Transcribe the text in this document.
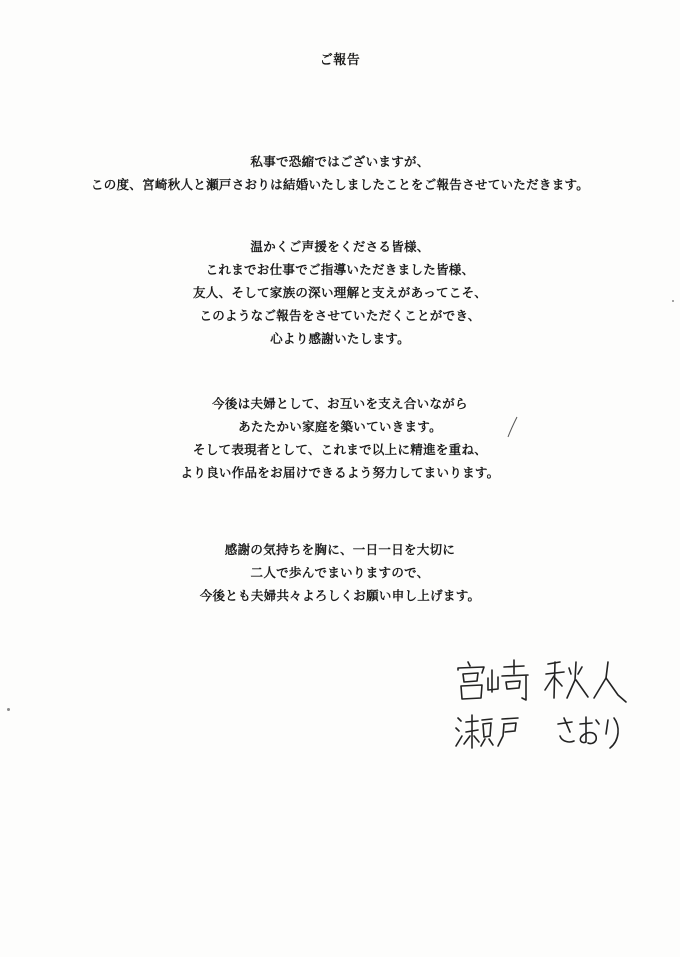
ご報告
私事で恐縮ではございますが、
この度、宮崎秋人と瀬戸さおりは結婚いたしましたことをご報告させていただきます。
温かくご声援をくださる皆様、
これまでお仕事でご指導いただきました皆様、
友人、そして家族の深い理解と支えがあってこそ、
このようなご報告をさせていただくことができ、
心より感謝いたします。
今後は夫婦として、お互いを支え合いながら
あたたかい家庭を築いていきます。
そして表現者として、これまで以上に精進を重ね、
より良い作品をお届けできるよう努力してまいります。
感謝の気持ちを胸に、一日一日を大切に
二人で歩んでまいりますので、
今後とも夫婦共々よろしくお願い申し上げます。
